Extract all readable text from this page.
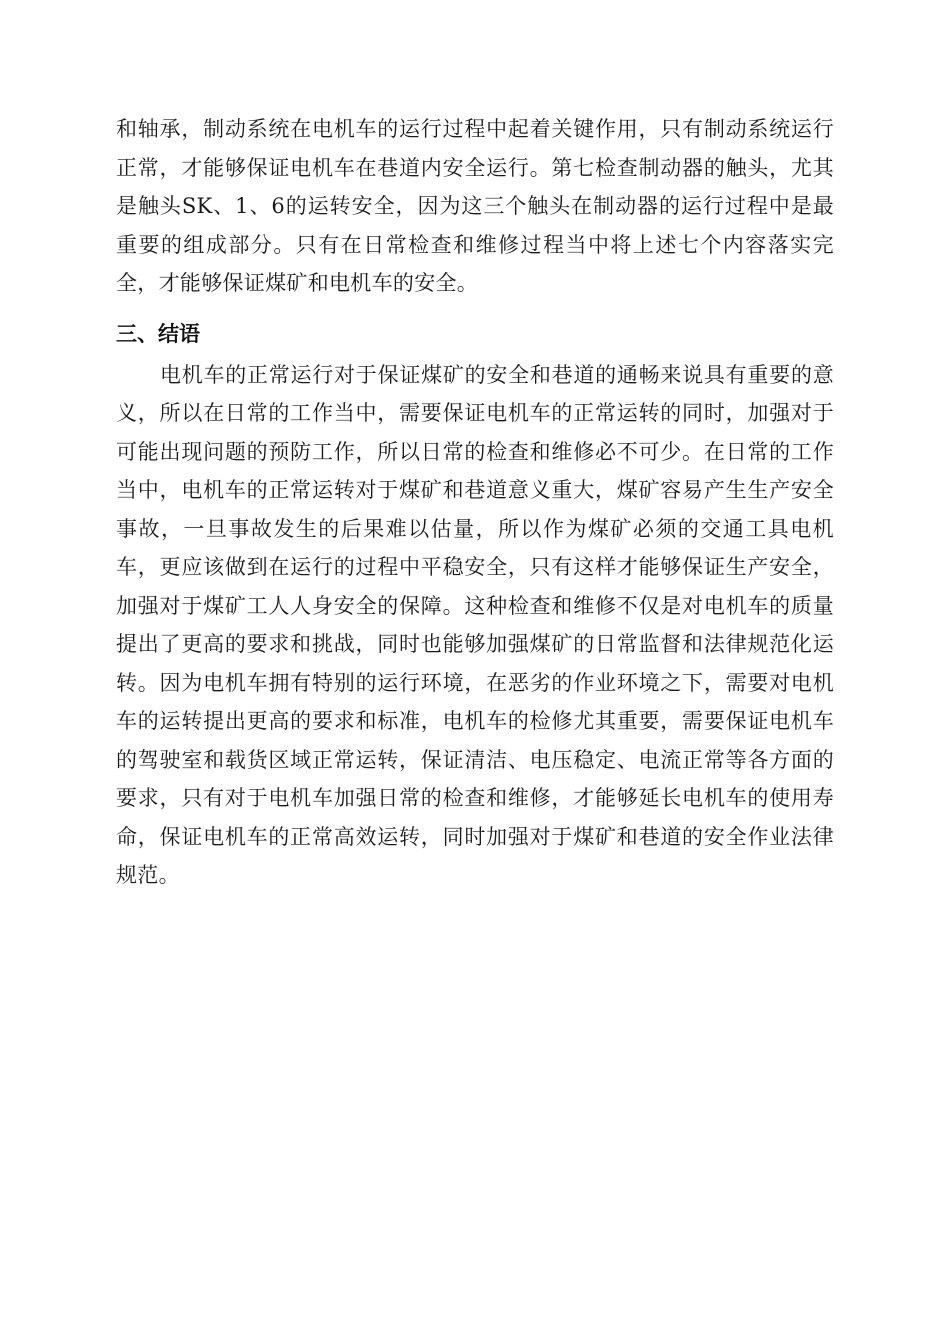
和轴承，制动系统在电机车的运行过程中起着关键作用，只有制动系统运行正常，才能够保证电机车在巷道内安全运行。第七检查制动器的触头，尤其是触头SK、1、6的运转安全，因为这三个触头在制动器的运行过程中是最重要的组成部分。只有在日常检查和维修过程当中将上述七个内容落实完全，才能够保证煤矿和电机车的安全。

三、结语

电机车的正常运行对于保证煤矿的安全和巷道的通畅来说具有重要的意义，所以在日常的工作当中，需要保证电机车的正常运转的同时，加强对于可能出现问题的预防工作，所以日常的检查和维修必不可少。在日常的工作当中，电机车的正常运转对于煤矿和巷道意义重大，煤矿容易产生生产安全事故，一旦事故发生的后果难以估量，所以作为煤矿必须的交通工具电机车，更应该做到在运行的过程中平稳安全，只有这样才能够保证生产安全，加强对于煤矿工人人身安全的保障。这种检查和维修不仅是对电机车的质量提出了更高的要求和挑战，同时也能够加强煤矿的日常监督和法律规范化运转。因为电机车拥有特别的运行环境，在恶劣的作业环境之下，需要对电机车的运转提出更高的要求和标准，电机车的检修尤其重要，需要保证电机车的驾驶室和载货区域正常运转，保证清洁、电压稳定、电流正常等各方面的要求，只有对于电机车加强日常的检查和维修，才能够延长电机车的使用寿命，保证电机车的正常高效运转，同时加强对于煤矿和巷道的安全作业法律规范。
